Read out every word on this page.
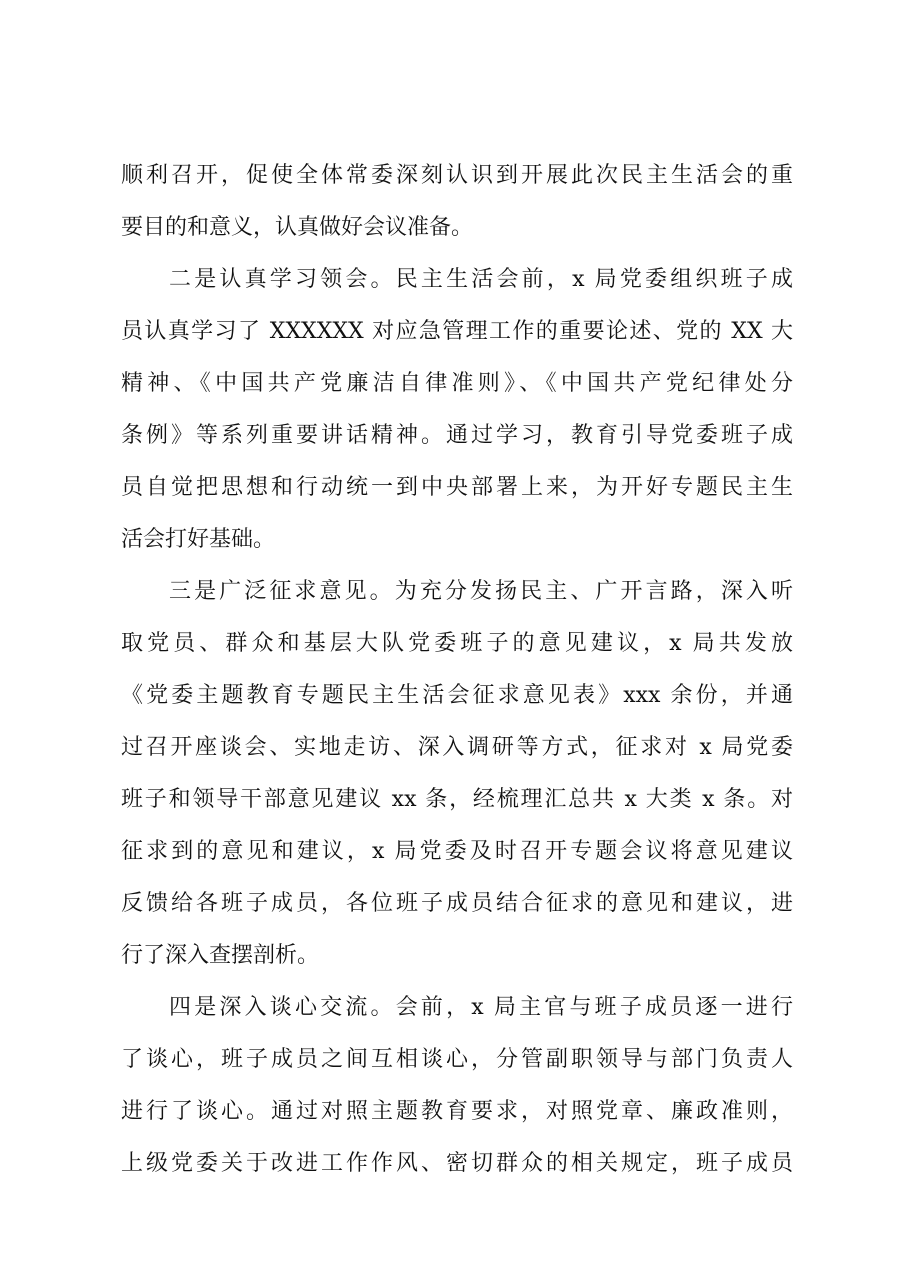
顺利召开，促使全体常委深刻认识到开展此次民主生活会的重
要目的和意义，认真做好会议准备。
二是认真学习领会。民主生活会前，x 局党委组织班子成
员认真学习了 XXXXXX 对应急管理工作的重要论述、党的 XX 大
精神、《中国共产党廉洁自律准则》、《中国共产党纪律处分
条例》等系列重要讲话精神。通过学习，教育引导党委班子成
员自觉把思想和行动统一到中央部署上来，为开好专题民主生
活会打好基础。
三是广泛征求意见。为充分发扬民主、广开言路，深入听
取党员、群众和基层大队党委班子的意见建议，x 局共发放
《党委主题教育专题民主生活会征求意见表》xxx 余份，并通
过召开座谈会、实地走访、深入调研等方式，征求对 x 局党委
班子和领导干部意见建议 xx 条，经梳理汇总共 x 大类 x 条。对
征求到的意见和建议，x 局党委及时召开专题会议将意见建议
反馈给各班子成员，各位班子成员结合征求的意见和建议，进
行了深入查摆剖析。
四是深入谈心交流。会前，x 局主官与班子成员逐一进行
了谈心，班子成员之间互相谈心，分管副职领导与部门负责人
进行了谈心。通过对照主题教育要求，对照党章、廉政准则，
上级党委关于改进工作作风、密切群众的相关规定，班子成员
